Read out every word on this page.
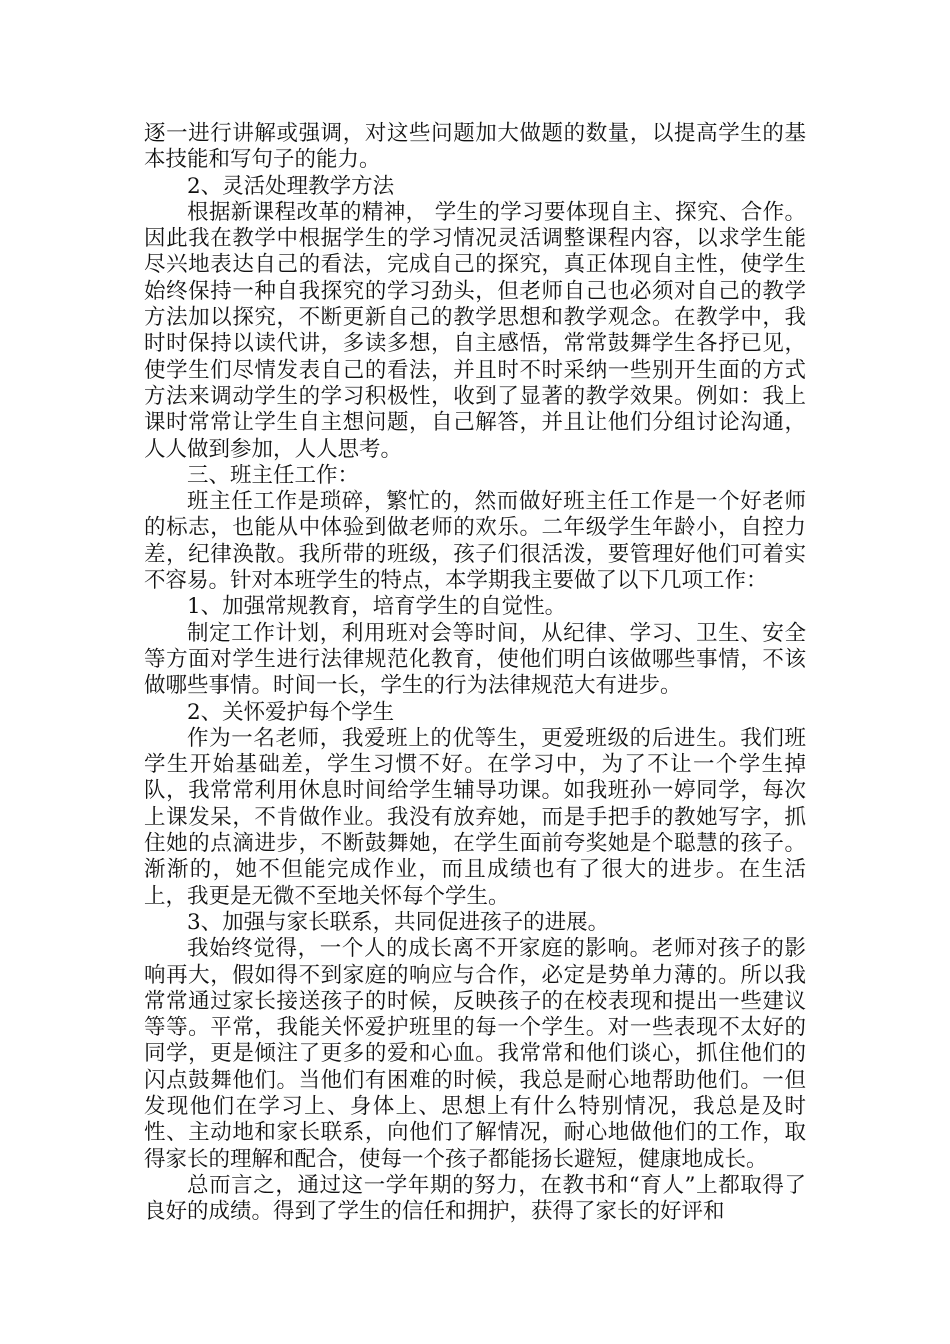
逐一进行讲解或强调，对这些问题加大做题的数量，以提高学生的基本技能和写句子的能力。

2、灵活处理教学方法

根据新课程改革的精神， 学生的学习要体现自主、探究、合作。因此我在教学中根据学生的学习情况灵活调整课程内容，以求学生能尽兴地表达自己的看法，完成自己的探究，真正体现自主性，使学生始终保持一种自我探究的学习劲头，但老师自己也必须对自己的教学方法加以探究，不断更新自己的教学思想和教学观念。在教学中，我时时保持以读代讲，多读多想，自主感悟，常常鼓舞学生各抒已见，使学生们尽情发表自己的看法，并且时不时采纳一些别开生面的方式方法来调动学生的学习积极性，收到了显著的教学效果。例如：我上课时常常让学生自主想问题，自己解答，并且让他们分组讨论沟通，人人做到参加，人人思考。

三、班主任工作：

班主任工作是琐碎，繁忙的，然而做好班主任工作是一个好老师的标志，也能从中体验到做老师的欢乐。二年级学生年龄小，自控力差，纪律涣散。我所带的班级，孩子们很活泼，要管理好他们可着实不容易。针对本班学生的特点，本学期我主要做了以下几项工作：

1、加强常规教育，培育学生的自觉性。

制定工作计划，利用班对会等时间，从纪律、学习、卫生、安全等方面对学生进行法律规范化教育，使他们明白该做哪些事情，不该做哪些事情。时间一长，学生的行为法律规范大有进步。

2、关怀爱护每个学生

作为一名老师，我爱班上的优等生，更爱班级的后进生。我们班学生开始基础差，学生习惯不好。在学习中，为了不让一个学生掉队，我常常利用休息时间给学生辅导功课。如我班孙一婷同学，每次上课发呆，不肯做作业。我没有放弃她，而是手把手的教她写字，抓住她的点滴进步，不断鼓舞她，在学生面前夸奖她是个聪慧的孩子。渐渐的，她不但能完成作业，而且成绩也有了很大的进步。在生活上，我更是无微不至地关怀每个学生。

3、加强与家长联系，共同促进孩子的进展。

我始终觉得，一个人的成长离不开家庭的影响。老师对孩子的影响再大，假如得不到家庭的响应与合作，必定是势单力薄的。所以我常常通过家长接送孩子的时候，反映孩子的在校表现和提出一些建议等等。平常，我能关怀爱护班里的每一个学生。对一些表现不太好的同学，更是倾注了更多的爱和心血。我常常和他们谈心，抓住他们的闪点鼓舞他们。当他们有困难的时候，我总是耐心地帮助他们。一但发现他们在学习上、身体上、思想上有什么特别情况，我总是及时性、主动地和家长联系，向他们了解情况，耐心地做他们的工作，取得家长的理解和配合，使每一个孩子都能扬长避短，健康地成长。

总而言之，通过这一学年期的努力，在教书和“育人”上都取得了良好的成绩。得到了学生的信任和拥护，获得了家长的好评和
